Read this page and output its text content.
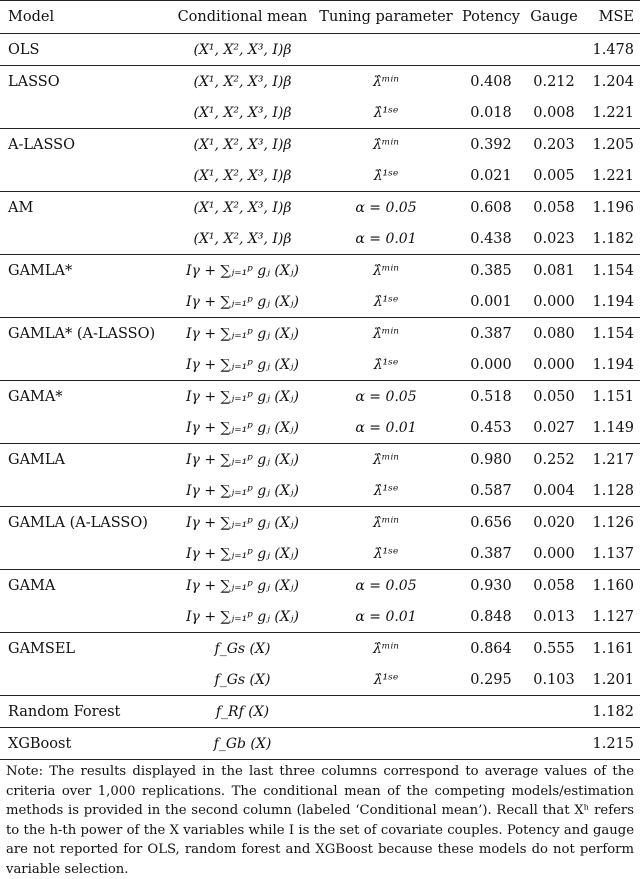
Model	Conditional mean	Tuning parameter	Potency	Gauge	MSE
OLS	(X¹, X², X³, I)β				1.478
LASSO	(X¹, X², X³, I)β	λ̂ᵐⁱⁿ	0.408	0.212	1.204
	(X¹, X², X³, I)β	λ̂¹ˢᵉ	0.018	0.008	1.221
A-LASSO	(X¹, X², X³, I)β	λ̂ᵐⁱⁿ	0.392	0.203	1.205
	(X¹, X², X³, I)β	λ̂¹ˢᵉ	0.021	0.005	1.221
AM	(X¹, X², X³, I)β	α = 0.05	0.608	0.058	1.196
	(X¹, X², X³, I)β	α = 0.01	0.438	0.023	1.182
GAMLA*	Iγ + ∑ⱼ₌₁ᵖ gⱼ (Xⱼ)	λ̂ᵐⁱⁿ	0.385	0.081	1.154
	Iγ + ∑ⱼ₌₁ᵖ gⱼ (Xⱼ)	λ̂¹ˢᵉ	0.001	0.000	1.194
GAMLA* (A-LASSO)	Iγ + ∑ⱼ₌₁ᵖ gⱼ (Xⱼ)	λ̂ᵐⁱⁿ	0.387	0.080	1.154
	Iγ + ∑ⱼ₌₁ᵖ gⱼ (Xⱼ)	λ̂¹ˢᵉ	0.000	0.000	1.194
GAMA*	Iγ + ∑ⱼ₌₁ᵖ gⱼ (Xⱼ)	α = 0.05	0.518	0.050	1.151
	Iγ + ∑ⱼ₌₁ᵖ gⱼ (Xⱼ)	α = 0.01	0.453	0.027	1.149
GAMLA	Iγ + ∑ⱼ₌₁ᵖ gⱼ (Xⱼ)	λ̂ᵐⁱⁿ	0.980	0.252	1.217
	Iγ + ∑ⱼ₌₁ᵖ gⱼ (Xⱼ)	λ̂¹ˢᵉ	0.587	0.004	1.128
GAMLA (A-LASSO)	Iγ + ∑ⱼ₌₁ᵖ gⱼ (Xⱼ)	λ̂ᵐⁱⁿ	0.656	0.020	1.126
	Iγ + ∑ⱼ₌₁ᵖ gⱼ (Xⱼ)	λ̂¹ˢᵉ	0.387	0.000	1.137
GAMA	Iγ + ∑ⱼ₌₁ᵖ gⱼ (Xⱼ)	α = 0.05	0.930	0.058	1.160
	Iγ + ∑ⱼ₌₁ᵖ gⱼ (Xⱼ)	α = 0.01	0.848	0.013	1.127
GAMSEL	f_Gs (X)	λ̂ᵐⁱⁿ	0.864	0.555	1.161
	f_Gs (X)	λ̂¹ˢᵉ	0.295	0.103	1.201
Random Forest	f_Rf (X)				1.182
XGBoost	f_Gb (X)				1.215
Note: The results displayed in the last three columns correspond to average values of the criteria over 1,000 replications. The conditional mean of the competing models/estimation methods is provided in the second column (labeled ‘Conditional mean’). Recall that Xʰ refers to the h-th power of the X variables while I is the set of covariate couples. Potency and gauge are not reported for OLS, random forest and XGBoost because these models do not perform variable selection.
